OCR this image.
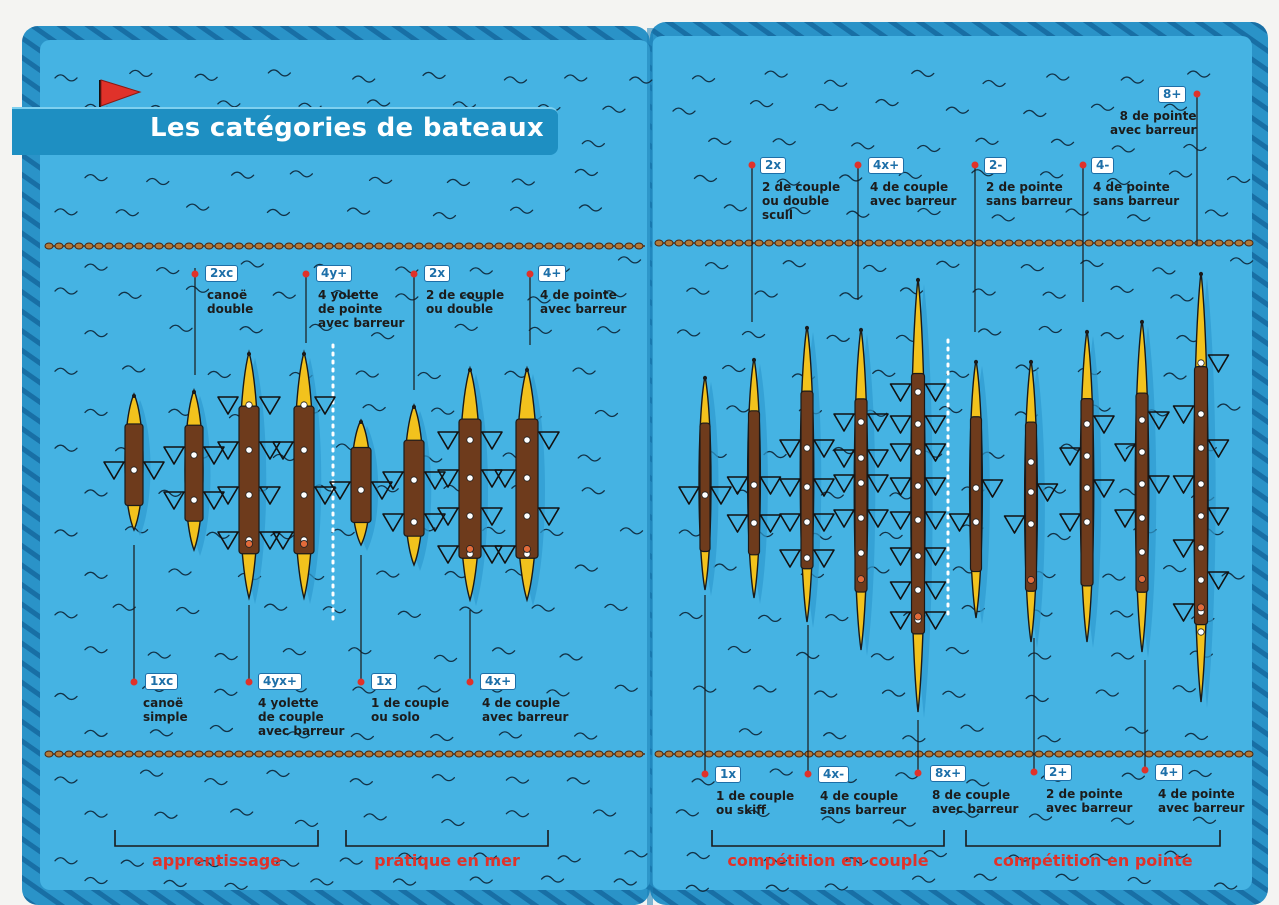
Les catégories de bateaux
1xc
canoë
simple
2xc
canoë
double
4yx+
4 yolette
de couple
avec barreur
4y+
4 yolette
de pointe
avec barreur
1x
1 de couple
ou solo
2x
2 de couple
ou double
4x+
4 de couple
avec barreur
4+
4 de pointe
avec barreur
1x
1 de couple
ou skiff
2x
2 de couple
ou double
scull
4x-
4 de couple
sans barreur
4x+
4 de couple
avec barreur
8x+
8 de couple
avec barreur
2-
2 de pointe
sans barreur
2+
2 de pointe
avec barreur
4-
4 de pointe
sans barreur
4+
4 de pointe
avec barreur
8+
8 de pointe
avec barreur
apprentissage	pratique en mer	compétition en couple	compétition en pointe
